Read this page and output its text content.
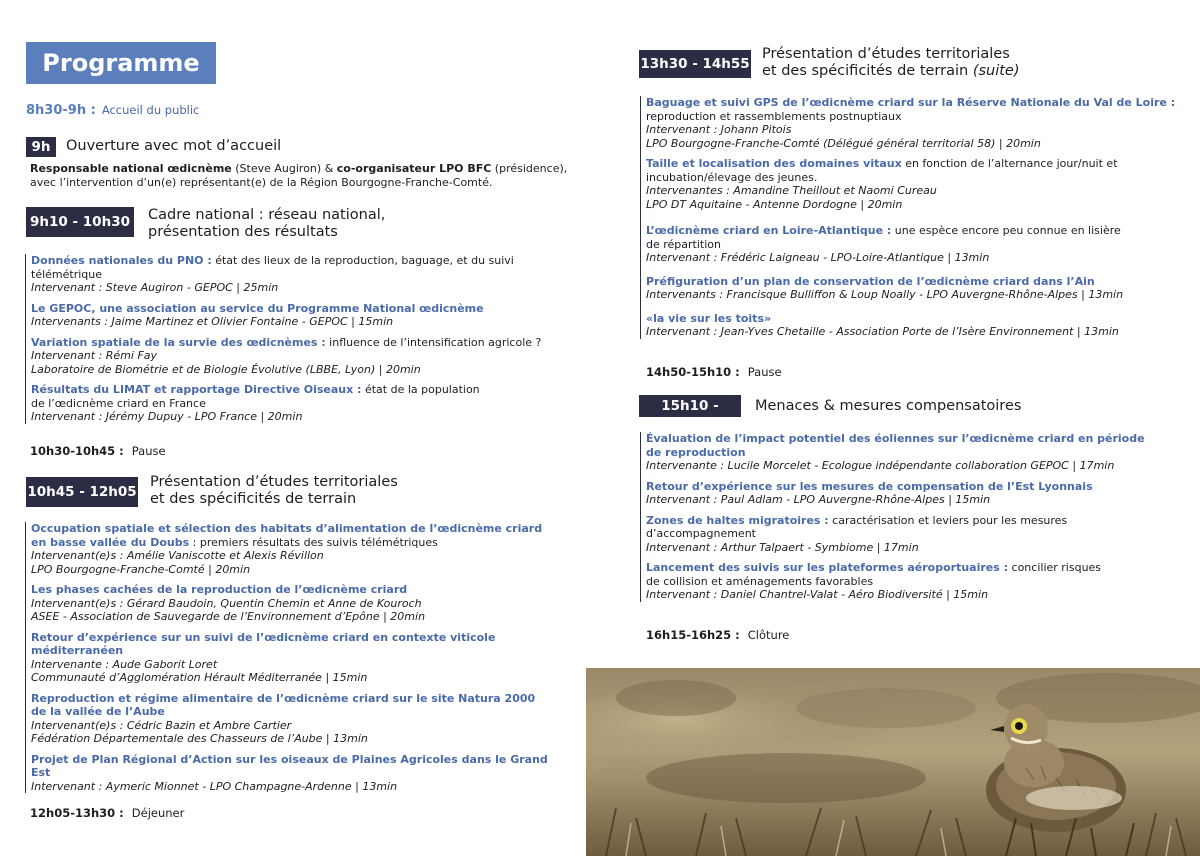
Programme
8h30-9h : Accueil du public
9h	Ouverture avec mot d’accueil
Responsable national œdicnème (Steve Augiron) & co-organisateur LPO BFC (présidence),
avec l’intervention d’un(e) représentant(e) de la Région Bourgogne-Franche-Comté.
9h10 - 10h30 Cadre national : réseau national,
présentation des résultats
Données nationales du PNO : état des lieux de la reproduction, baguage, et du suivi
télémétrique
Intervenant : Steve Augiron - GEPOC | 25min
Le GEPOC, une association au service du Programme National œdicnème
Intervenants : Jaime Martinez et Olivier Fontaine - GEPOC | 15min
Variation spatiale de la survie des œdicnèmes : influence de l’intensification agricole ?
Intervenant : Rémi Fay
Laboratoire de Biométrie et de Biologie Évolutive (LBBE, Lyon) | 20min
Résultats du LIMAT et rapportage Directive Oiseaux : état de la population
de l’œdicnème criard en France
Intervenant : Jérémy Dupuy - LPO France | 20min
10h30-10h45 : Pause
10h45 - 12h05
Présentation d’études territoriales
et des spécificités de terrain
Occupation spatiale et sélection des habitats d’alimentation de l’œdicnème criard
en basse vallée du Doubs : premiers résultats des suivis télémétriques
Intervenant(e)s : Amélie Vaniscotte et Alexis Révillon
LPO Bourgogne-Franche-Comté | 20min
Les phases cachées de la reproduction de l’œdicnème criard
Intervenant(e)s : Gérard Baudoin, Quentin Chemin et Anne de Kouroch
ASEE - Association de Sauvegarde de l’Environnement d’Epône | 20min
Retour d’expérience sur un suivi de l’œdicnème criard en contexte viticole
méditerranéen
Intervenante : Aude Gaborit Loret
Communauté d’Agglomération Hérault Méditerranée | 15min
Reproduction et régime alimentaire de l’œdicnème criard sur le site Natura 2000
de la vallée de l’Aube
Intervenant(e)s : Cédric Bazin et Ambre Cartier
Fédération Départementale des Chasseurs de l’Aube | 13min
Projet de Plan Régional d’Action sur les oiseaux de Plaines Agricoles dans le Grand Est
Intervenant : Aymeric Mionnet - LPO Champagne-Ardenne | 13min
12h05-13h30 : Déjeuner
13h30 - 14h55
Présentation d’études territoriales
et des spécificités de terrain (suite)
Baguage et suivi GPS de l’œdicnème criard sur la Réserve Nationale du Val de Loire :
reproduction et rassemblements postnuptiaux
Intervenant : Johann Pitois
LPO Bourgogne-Franche-Comté (Délégué général territorial 58) | 20min
Taille et localisation des domaines vitaux en fonction de l’alternance jour/nuit et
incubation/élevage des jeunes.
Intervenantes : Amandine Theillout et Naomi Cureau
LPO DT Aquitaine - Antenne Dordogne | 20min
L’œdicnème criard en Loire-Atlantique : une espèce encore peu connue en lisière
de répartition
Intervenant : Frédéric Laigneau - LPO-Loire-Atlantique | 13min
Préfiguration d’un plan de conservation de l’œdicnème criard dans l’Ain
Intervenants : Francisque Bulliffon & Loup Noally - LPO Auvergne-Rhône-Alpes | 13min
«la vie sur les toits»
Intervenant : Jean-Yves Chetaille - Association Porte de l’Isère Environnement | 13min
14h50-15h10 : Pause
15h10 - 16h15
Menaces & mesures compensatoires
Évaluation de l’impact potentiel des éoliennes sur l’œdicnème criard en période
de reproduction
Intervenante : Lucile Morcelet - Ecologue indépendante collaboration GEPOC | 17min
Retour d’expérience sur les mesures de compensation de l’Est Lyonnais
Intervenant : Paul Adlam - LPO Auvergne-Rhône-Alpes | 15min
Zones de haltes migratoires : caractérisation et leviers pour les mesures
d’accompagnement
Intervenant : Arthur Talpaert - Symbiome | 17min
Lancement des suivis sur les plateformes aéroportuaires : concilier risques
de collision et aménagements favorables
Intervenant : Daniel Chantrel-Valat - Aéro Biodiversité | 15min
16h15-16h25 : Clôture
